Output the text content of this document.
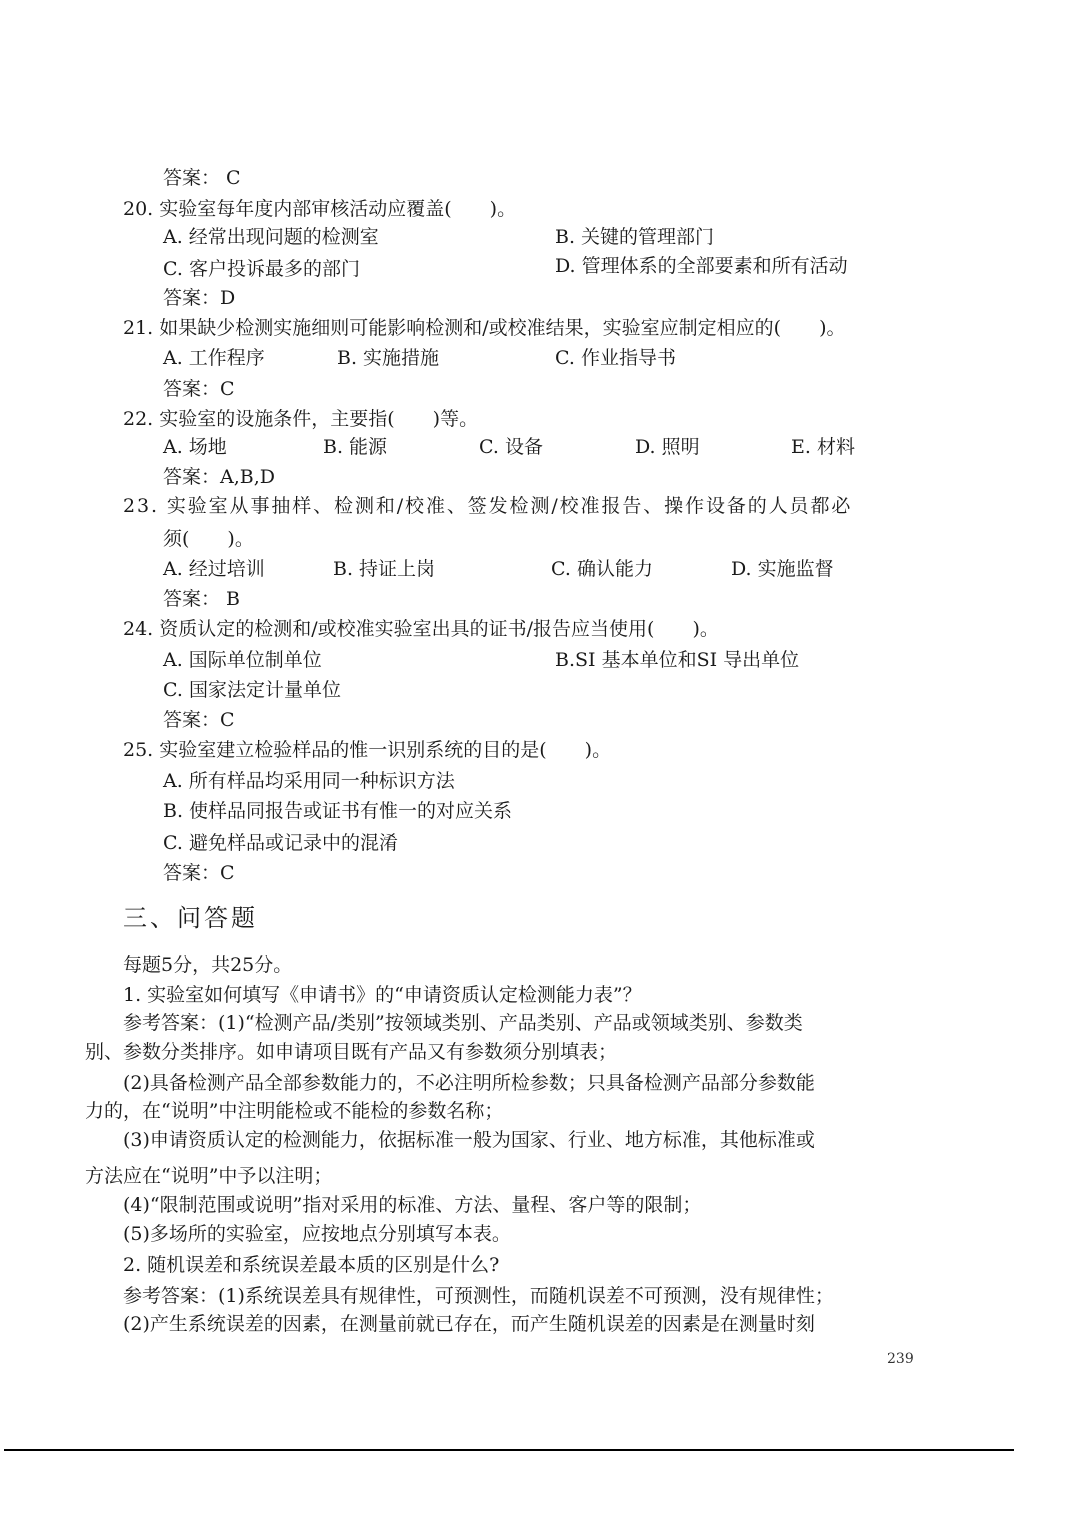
答案： C
20. 实验室每年度内部审核活动应覆盖(　　)。
A. 经常出现问题的检测室	B. 关键的管理部门
C. 客户投诉最多的部门	D. 管理体系的全部要素和所有活动
答案：D
21. 如果缺少检测实施细则可能影响检测和/或校准结果，实验室应制定相应的(　　)。
A. 工作程序	B. 实施措施	C. 作业指导书
答案：C
22. 实验室的设施条件，主要指(　　)等。
A. 场地	B. 能源	C. 设备	D. 照明	E. 材料
答案：A,B,D
23. 实验室从事抽样、检测和/校准、签发检测/校准报告、操作设备的人员都必
须(　　)。
A. 经过培训	B. 持证上岗	C. 确认能力	D. 实施监督
答案： B
24. 资质认定的检测和/或校准实验室出具的证书/报告应当使用(　　)。
A. 国际单位制单位	B.SI 基本单位和SI 导出单位
C. 国家法定计量单位
答案：C
25. 实验室建立检验样品的惟一识别系统的目的是(　　)。
A. 所有样品均采用同一种标识方法
B. 使样品同报告或证书有惟一的对应关系
C. 避免样品或记录中的混淆
答案：C
三、问答题
每题5分，共25分。
1. 实验室如何填写《申请书》的“申请资质认定检测能力表”？
参考答案：(1)“检测产品/类别”按领域类别、产品类别、产品或领域类别、参数类
别、参数分类排序。如申请项目既有产品又有参数须分别填表；
(2)具备检测产品全部参数能力的，不必注明所检参数；只具备检测产品部分参数能
力的，在“说明”中注明能检或不能检的参数名称；
(3)申请资质认定的检测能力，依据标准一般为国家、行业、地方标准，其他标准或
方法应在“说明”中予以注明；
(4)“限制范围或说明”指对采用的标准、方法、量程、客户等的限制；
(5)多场所的实验室，应按地点分别填写本表。
2. 随机误差和系统误差最本质的区别是什么?
参考答案：(1)系统误差具有规律性，可预测性，而随机误差不可预测，没有规律性；
(2)产生系统误差的因素，在测量前就已存在，而产生随机误差的因素是在测量时刻
239
